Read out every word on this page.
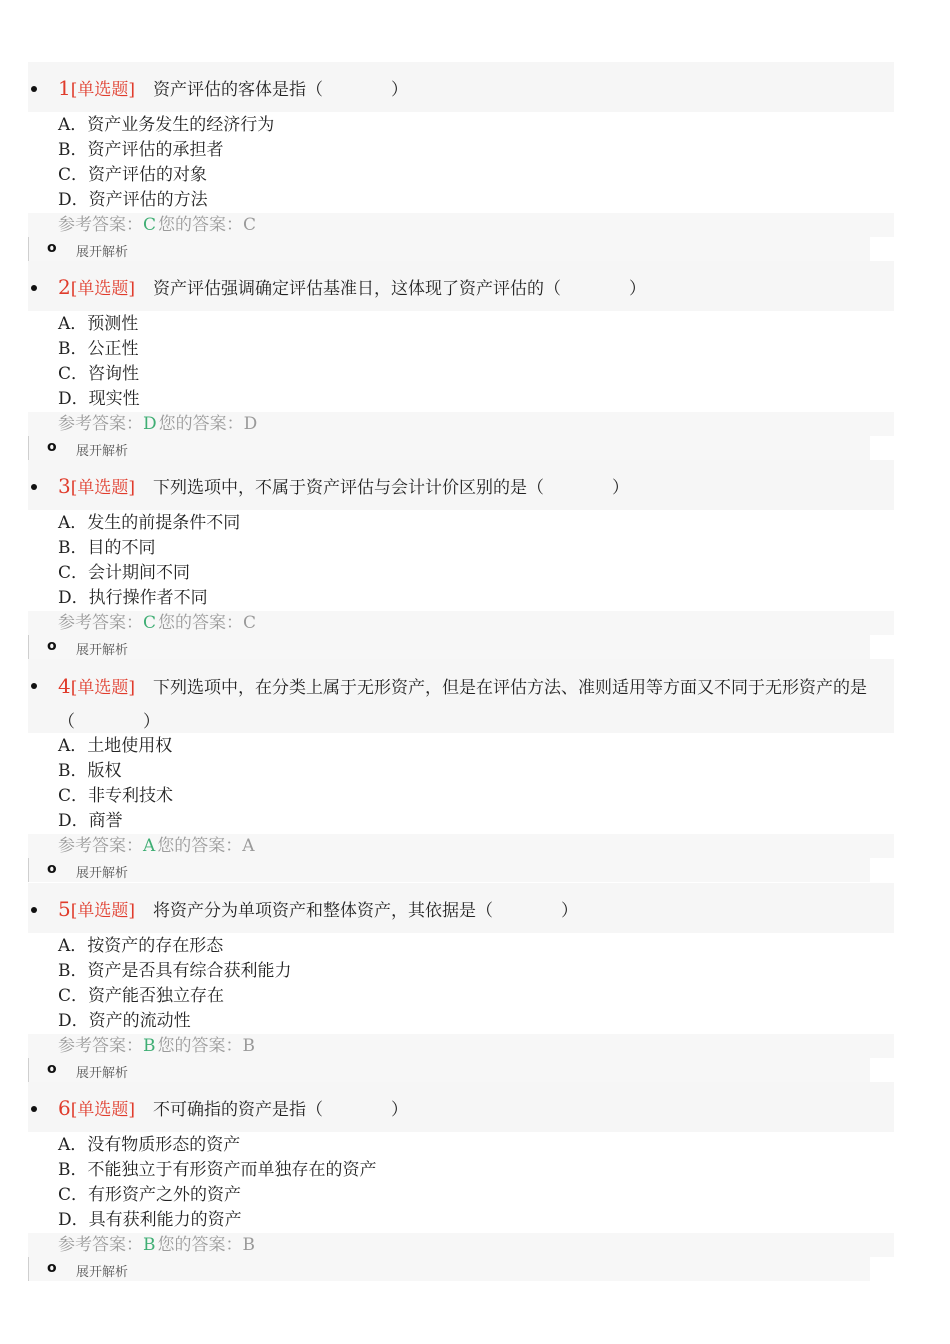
1[单选题] 资产评估的客体是指（　　　　）
A．资产业务发生的经济行为
B．资产评估的承担者
C．资产评估的对象
D．资产评估的方法
参考答案：C 您的答案：C
o 展开解析
2[单选题] 资产评估强调确定评估基准日，这体现了资产评估的（　　　　）
A．预测性
B．公正性
C．咨询性
D．现实性
参考答案：D 您的答案：D
o 展开解析
3[单选题] 下列选项中，不属于资产评估与会计计价区别的是（　　　　）
A．发生的前提条件不同
B．目的不同
C．会计期间不同
D．执行操作者不同
参考答案：C 您的答案：C
o 展开解析
4[单选题] 下列选项中，在分类上属于无形资产，但是在评估方法、准则适用等方面又不同于无形资产的是（　　　　）
A．土地使用权
B．版权
C．非专利技术
D．商誉
参考答案：A 您的答案：A
o 展开解析
5[单选题] 将资产分为单项资产和整体资产，其依据是（　　　　）
A．按资产的存在形态
B．资产是否具有综合获利能力
C．资产能否独立存在
D．资产的流动性
参考答案：B 您的答案：B
o 展开解析
6[单选题] 不可确指的资产是指（　　　　）
A．没有物质形态的资产
B．不能独立于有形资产而单独存在的资产
C．有形资产之外的资产
D．具有获利能力的资产
参考答案：B 您的答案：B
o 展开解析
